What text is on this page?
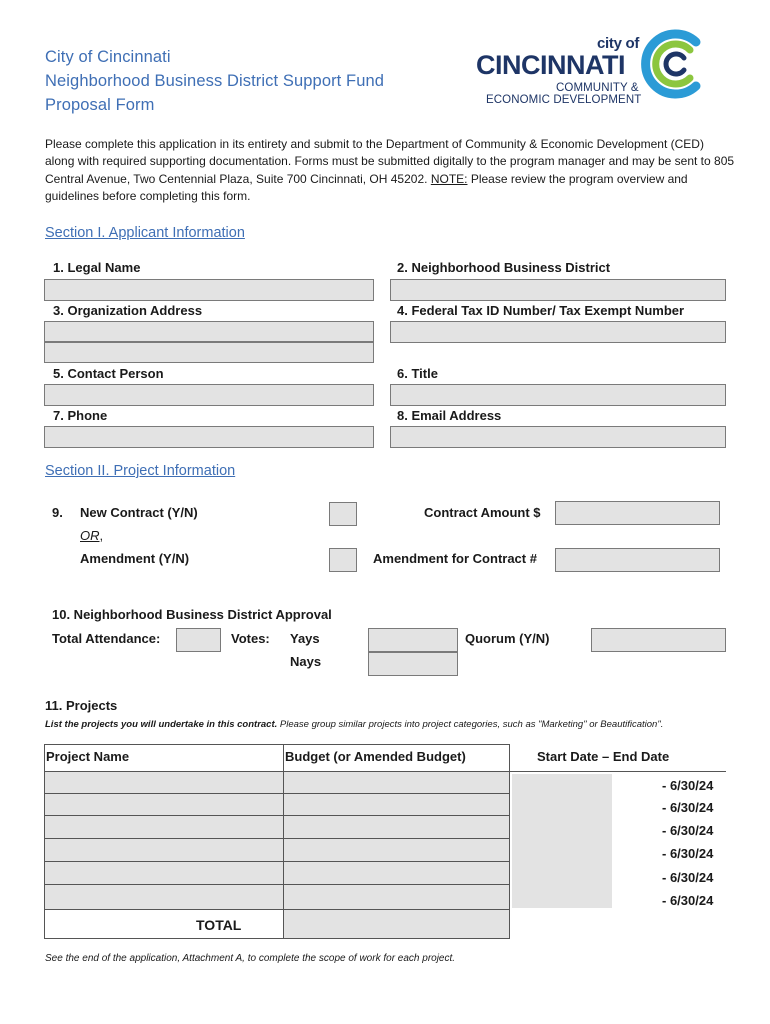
City of Cincinnati
Neighborhood Business District Support Fund
Proposal Form
city of
CINCINNATI
COMMUNITY &
ECONOMIC DEVELOPMENT
Please complete this application in its entirety and submit to the Department of Community & Economic Development (CED) along with required supporting documentation. Forms must be submitted digitally to the program manager and may be sent to 805 Central Avenue, Two Centennial Plaza, Suite 700 Cincinnati, OH 45202. NOTE: Please review the program overview and guidelines before completing this form.
Section I. Applicant Information
1. Legal Name	2. Neighborhood Business District
3. Organization Address	4. Federal Tax ID Number/ Tax Exempt Number
5. Contact Person	6. Title
7. Phone	8. Email Address
Section II. Project Information
9. New Contract (Y/N)	Contract Amount $
OR,
Amendment (Y/N)	Amendment for Contract #
10. Neighborhood Business District Approval
Total Attendance:	Votes: Yays
Nays
Quorum (Y/N)
11. Projects
List the projects you will undertake in this contract. Please group similar projects into project categories, such as "Marketing" or Beautification".
Project Name	Budget (or Amended Budget)	Start Date – End Date
- 6/30/24
- 6/30/24
- 6/30/24
- 6/30/24
- 6/30/24
- 6/30/24
TOTAL
See the end of the application, Attachment A, to complete the scope of work for each project.
